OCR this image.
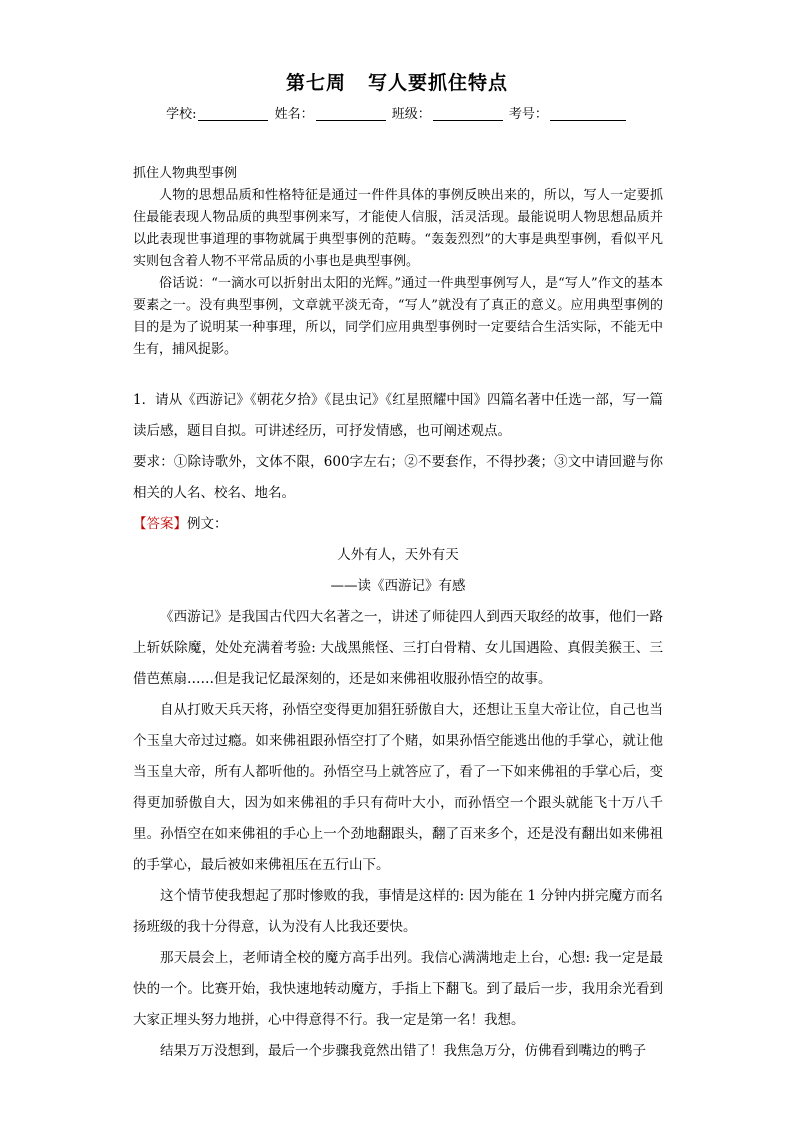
第七周 写人要抓住特点
学校:	姓名：	班级：	考号：

抓住人物典型事例

人物的思想品质和性格特征是通过一件件具体的事例反映出来的，所以，写人一定要抓住最能表现人物品质的典型事例来写，才能使人信服，活灵活现。最能说明人物思想品质并以此表现世事道理的事物就属于典型事例的范畴。“轰轰烈烈”的大事是典型事例，看似平凡实则包含着人物不平常品质的小事也是典型事例。

俗话说：“一滴水可以折射出太阳的光辉。”通过一件典型事例写人，是“写人”作文的基本要素之一。没有典型事例，文章就平淡无奇，“写人”就没有了真正的意义。应用典型事例的目的是为了说明某一种事理，所以，同学们应用典型事例时一定要结合生活实际，不能无中生有，捕风捉影。

1．请从《西游记》《朝花夕拾》《昆虫记》《红星照耀中国》四篇名著中任选一部，写一篇读后感，题目自拟。可讲述经历，可抒发情感，也可阐述观点。

要求：①除诗歌外，文体不限，600字左右；②不要套作，不得抄袭；③文中请回避与你相关的人名、校名、地名。

【答案】例文：

人外有人，天外有天

——读《西游记》有感

《西游记》是我国古代四大名著之一，讲述了师徒四人到西天取经的故事，他们一路上斩妖除魔，处处充满着考验: 大战黑熊怪、三打白骨精、女儿国遇险、真假美猴王、三借芭蕉扇……但是我记忆最深刻的，还是如来佛祖收服孙悟空的故事。

自从打败天兵天将，孙悟空变得更加猖狂骄傲自大，还想让玉皇大帝让位，自己也当个玉皇大帝过过瘾。如来佛祖跟孙悟空打了个赌，如果孙悟空能逃出他的手掌心，就让他当玉皇大帝，所有人都听他的。孙悟空马上就答应了，看了一下如来佛祖的手掌心后，变得更加骄傲自大，因为如来佛祖的手只有荷叶大小，而孙悟空一个跟头就能飞十万八千里。孙悟空在如来佛祖的手心上一个劲地翻跟头，翻了百来多个，还是没有翻出如来佛祖的手掌心，最后被如来佛祖压在五行山下。

这个情节使我想起了那时惨败的我，事情是这样的: 因为能在 1 分钟内拼完魔方而名扬班级的我十分得意，认为没有人比我还要快。

那天晨会上，老师请全校的魔方高手出列。我信心满满地走上台，心想: 我一定是最快的一个。比赛开始，我快速地转动魔方，手指上下翻飞。到了最后一步，我用余光看到大家正埋头努力地拼，心中得意得不行。我一定是第一名！我想。

结果万万没想到，最后一个步骤我竟然出错了！我焦急万分，仿佛看到嘴边的鸭子
